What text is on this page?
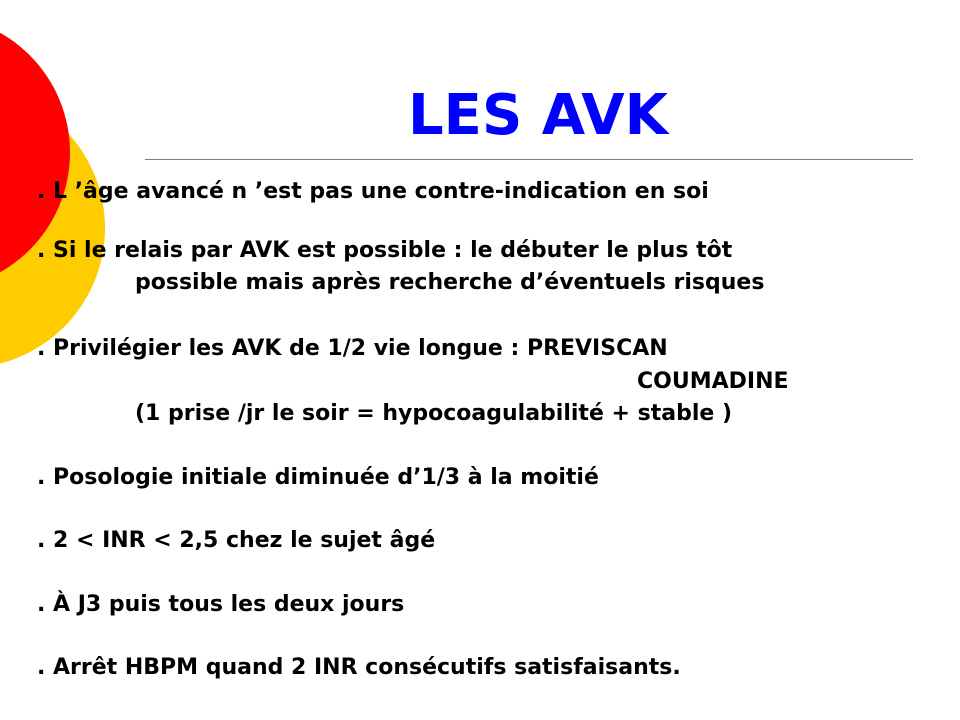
LES AVK

. L ’âge avancé n ’est pas une contre-indication en soi

. Si le relais par AVK est possible : le débuter le plus tôt

possible mais après recherche d’éventuels risques

. Privilégier les AVK de 1/2 vie longue : PREVISCAN

COUMADINE

(1 prise /jr le soir = hypocoagulabilité + stable )

. Posologie initiale diminuée d’1/3 à la moitié

. 2 < INR < 2,5 chez le sujet âgé

. À J3 puis tous les deux jours

. Arrêt HBPM quand 2 INR consécutifs satisfaisants.
